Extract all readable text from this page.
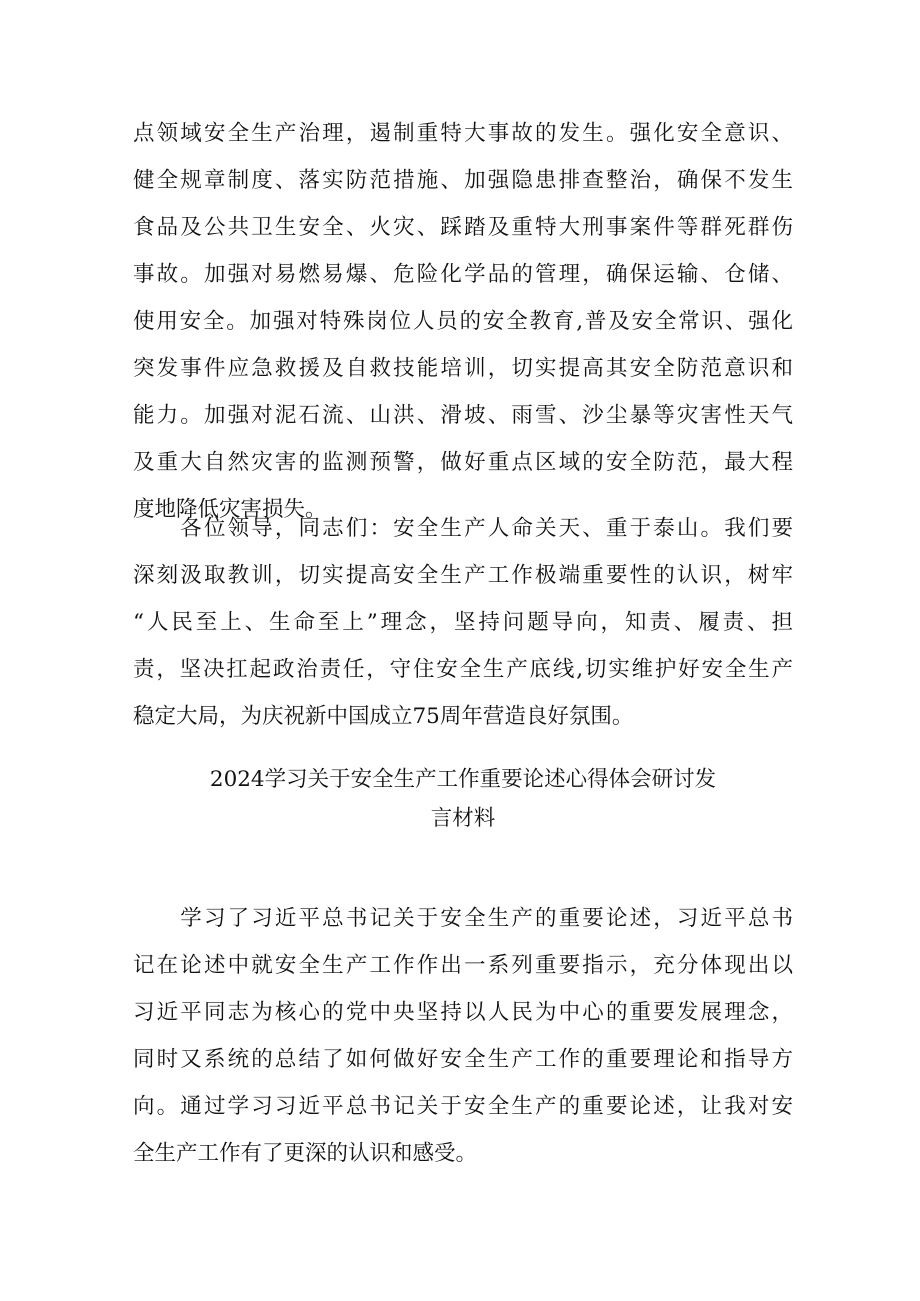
点领域安全生产治理，遏制重特大事故的发生。强化安全意识、
健全规章制度、落实防范措施、加强隐患排查整治，确保不发生
食品及公共卫生安全、火灾、踩踏及重特大刑事案件等群死群伤
事故。加强对易燃易爆、危险化学品的管理，确保运输、仓储、
使用安全。加强对特殊岗位人员的安全教育,普及安全常识、强化
突发事件应急救援及自救技能培训，切实提高其安全防范意识和
能力。加强对泥石流、山洪、滑坡、雨雪、沙尘暴等灾害性天气
及重大自然灾害的监测预警，做好重点区域的安全防范，最大程
度地降低灾害损失。
　　各位领导，同志们：安全生产人命关天、重于泰山。我们要
深刻汲取教训，切实提高安全生产工作极端重要性的认识，树牢
“人民至上、生命至上”理念，坚持问题导向，知责、履责、担
责，坚决扛起政治责任，守住安全生产底线,切实维护好安全生产
稳定大局，为庆祝新中国成立75周年营造良好氛围。
2024学习关于安全生产工作重要论述心得体会研讨发
言材料
　　学习了习近平总书记关于安全生产的重要论述，习近平总书
记在论述中就安全生产工作作出一系列重要指示，充分体现出以
习近平同志为核心的党中央坚持以人民为中心的重要发展理念，
同时又系统的总结了如何做好安全生产工作的重要理论和指导方
向。通过学习习近平总书记关于安全生产的重要论述，让我对安
全生产工作有了更深的认识和感受。
